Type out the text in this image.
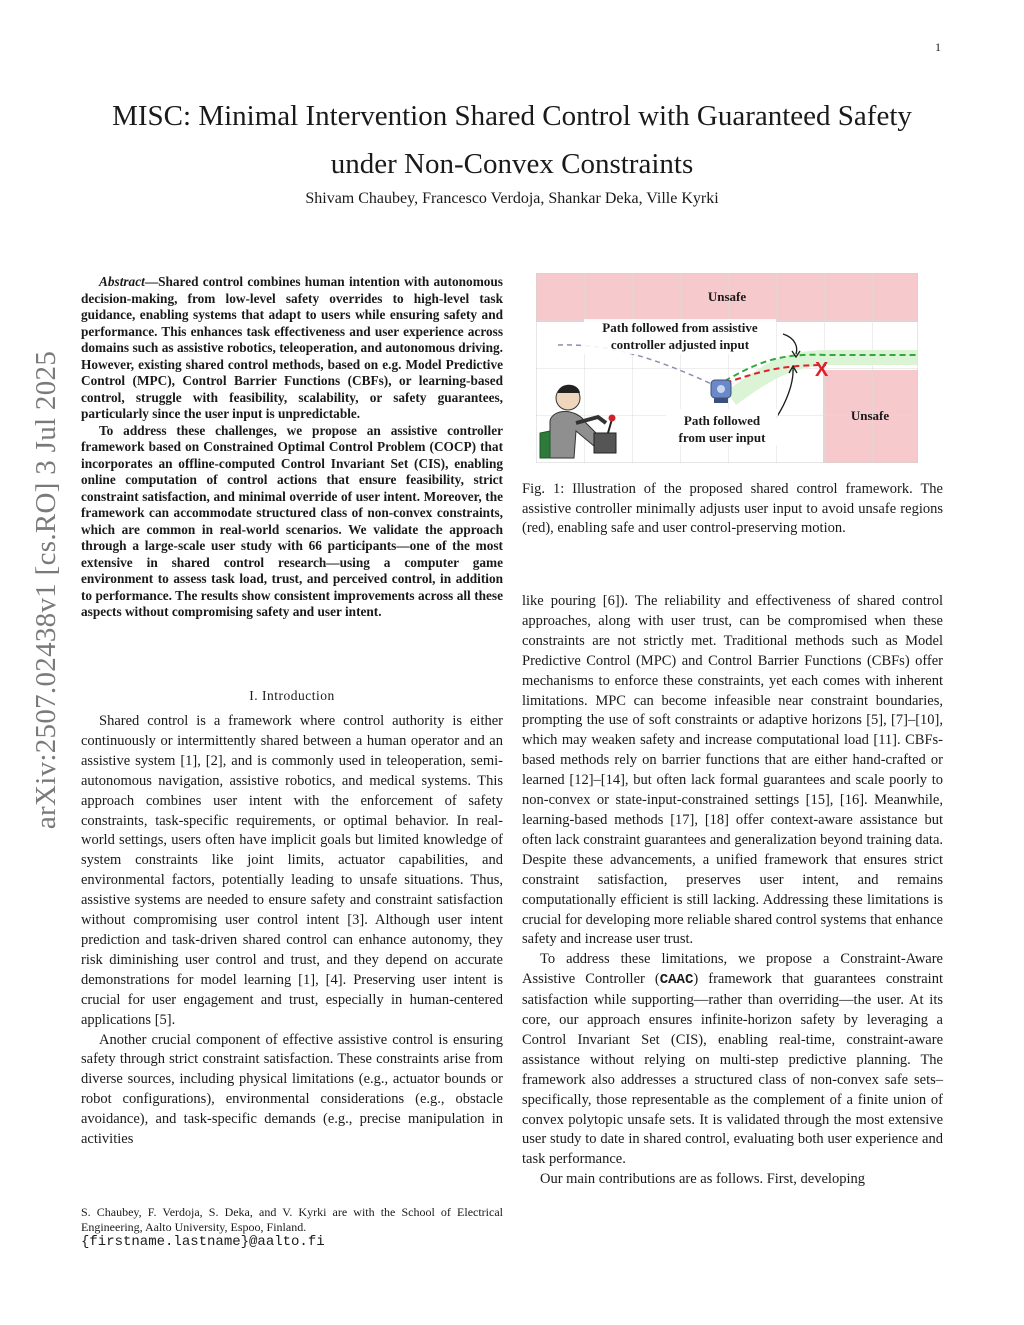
1
arXiv:2507.02438v1 [cs.RO] 3 Jul 2025
MISC: Minimal Intervention Shared Control with Guaranteed Safety under Non-Convex Constraints
Shivam Chaubey, Francesco Verdoja, Shankar Deka, Ville Kyrki

Abstract—Shared control combines human intention with autonomous decision-making, from low-level safety overrides to high-level task guidance, enabling systems that adapt to users while ensuring safety and performance. This enhances task effectiveness and user experience across domains such as assistive robotics, teleoperation, and autonomous driving. However, existing shared control methods, based on e.g. Model Predictive Control (MPC), Control Barrier Functions (CBFs), or learning-based control, struggle with feasibility, scalability, or safety guarantees, particularly since the user input is unpredictable.

To address these challenges, we propose an assistive controller framework based on Constrained Optimal Control Problem (COCP) that incorporates an offline-computed Control Invariant Set (CIS), enabling online computation of control actions that ensure feasibility, strict constraint satisfaction, and minimal override of user intent. Moreover, the framework can accommodate structured class of non-convex constraints, which are common in real-world scenarios. We validate the approach through a large-scale user study with 66 participants—one of the most extensive in shared control research—using a computer game environment to assess task load, trust, and perceived control, in addition to performance. The results show consistent improvements across all these aspects without compromising safety and user intent.

I. Introduction

Shared control is a framework where control authority is either continuously or intermittently shared between a human operator and an assistive system [1], [2], and is commonly used in teleoperation, semi-autonomous navigation, assistive robotics, and medical systems. This approach combines user intent with the enforcement of safety constraints, task-specific requirements, or optimal behavior. In real-world settings, users often have implicit goals but limited knowledge of system constraints like joint limits, actuator capabilities, and environmental factors, potentially leading to unsafe situations. Thus, assistive systems are needed to ensure safety and constraint satisfaction without compromising user control intent [3]. Although user intent prediction and task-driven shared control can enhance autonomy, they risk diminishing user control and trust, and they depend on accurate demonstrations for model learning [1], [4]. Preserving user intent is crucial for user engagement and trust, especially in human-centered applications [5].

Another crucial component of effective assistive control is ensuring safety through strict constraint satisfaction. These constraints arise from diverse sources, including physical limitations (e.g., actuator bounds or robot configurations), environmental considerations (e.g., obstacle avoidance), and task-specific demands (e.g., precise manipulation in activities

S. Chaubey, F. Verdoja, S. Deka, and V. Kyrki are with the School of Electrical Engineering, Aalto University, Espoo, Finland.
{firstname.lastname}@aalto.fi
X
Unsafe
Unsafe
Path followed from assistive
controller adjusted input
Path followed
from user input
Fig. 1: Illustration of the proposed shared control framework. The assistive controller minimally adjusts user input to avoid unsafe regions (red), enabling safe and user control-preserving motion.

like pouring [6]). The reliability and effectiveness of shared control approaches, along with user trust, can be compromised when these constraints are not strictly met. Traditional methods such as Model Predictive Control (MPC) and Control Barrier Functions (CBFs) offer mechanisms to enforce these constraints, yet each comes with inherent limitations. MPC can become infeasible near constraint boundaries, prompting the use of soft constraints or adaptive horizons [5], [7]–[10], which may weaken safety and increase computational load [11]. CBFs-based methods rely on barrier functions that are either hand-crafted or learned [12]–[14], but often lack formal guarantees and scale poorly to non-convex or state-input-constrained settings [15], [16]. Meanwhile, learning-based methods [17], [18] offer context-aware assistance but often lack constraint guarantees and generalization beyond training data. Despite these advancements, a unified framework that ensures strict constraint satisfaction, preserves user intent, and remains computationally efficient is still lacking. Addressing these limitations is crucial for developing more reliable shared control systems that enhance safety and increase user trust.

To address these limitations, we propose a Constraint-Aware Assistive Controller (CAAC) framework that guarantees constraint satisfaction while supporting—rather than overriding—the user. At its core, our approach ensures infinite-horizon safety by leveraging a Control Invariant Set (CIS), enabling real-time, constraint-aware assistance without relying on multi-step predictive planning. The framework also addresses a structured class of non-convex safe sets–specifically, those representable as the complement of a finite union of convex polytopic unsafe sets. It is validated through the most extensive user study to date in shared control, evaluating both user experience and task performance.

Our main contributions are as follows. First, developing
